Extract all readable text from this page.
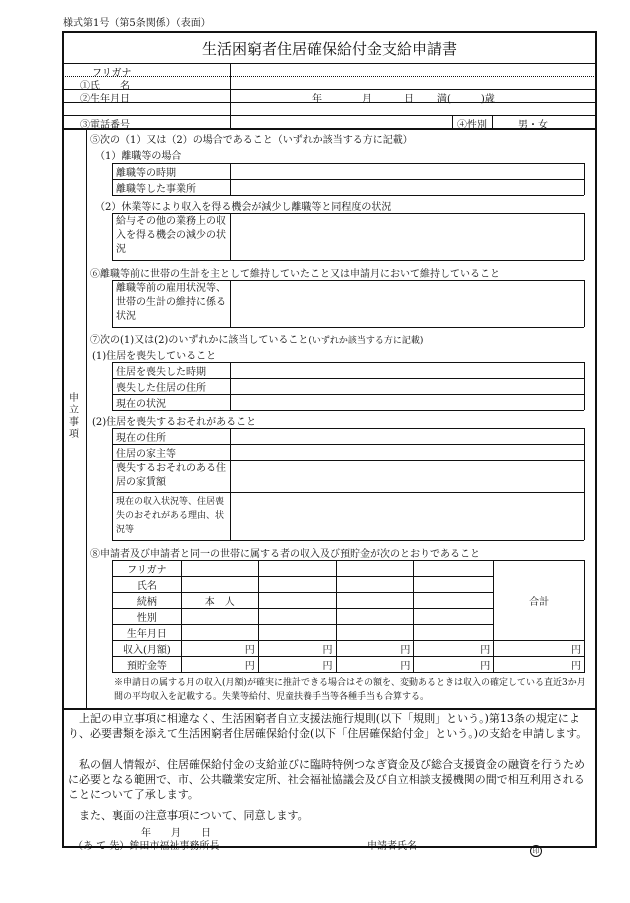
様式第1号（第5条関係）（表面）
生活困窮者住居確保給付金支給申請書
フリガナ
①氏　　名
②生年月日	年	月	日 満(　　　)歳
③電話番号	④性別	男・女
申立事項
⑤次の（1）又は（2）の場合であること（いずれか該当する方に記載）
（1）離職等の場合
離職等の時期
離職等した事業所
（2）休業等により収入を得る機会が減少し離職等と同程度の状況
給与その他の業務上の収入を得る機会の減少の状況
⑥離職等前に世帯の生計を主として維持していたこと又は申請月において維持していること
離職等前の雇用状況等、世帯の生計の維持に係る状況
⑦次の(1)又は(2)のいずれかに該当していること(いずれか該当する方に記載)
(1)住居を喪失していること
住居を喪失した時期
喪失した住居の住所
現在の状況
(2)住居を喪失するおそれがあること
現在の住所
住居の家主等
喪失するおそれのある住居の家賃額
現在の収入状況等、住居喪失のおそれがある理由、状況等
⑧申請者及び申請者と同一の世帯に属する者の収入及び預貯金が次のとおりであること
フリガナ					合計
氏名					
続柄	本　人				
性別					
生年月日					
収入(月額)	円	円	円	円	円
預貯金等	円	円	円	円	円
※申請日の属する月の収入(月額)が確実に推計できる場合はその額を、変動あるときは収入の確定している直近3か月間の平均収入を記載する。失業等給付、児童扶養手当等各種手当も合算する。
上記の申立事項に相違なく、生活困窮者自立支援法施行規則(以下「規則」という。)第13条の規定により、必要書類を添えて生活困窮者住居確保給付金(以下「住居確保給付金」という。)の支給を申請します。
私の個人情報が、住居確保給付金の支給並びに臨時特例つなぎ資金及び総合支援資金の融資を行うために必要となる範囲で、市、公共職業安定所、社会福祉協議会及び自立相談支援機関の間で相互利用されることについて了承します。
また、裏面の注意事項について、同意します。
年　　月　　日
（あ て 先）鉾田市福祉事務所長	申請者氏名	印
